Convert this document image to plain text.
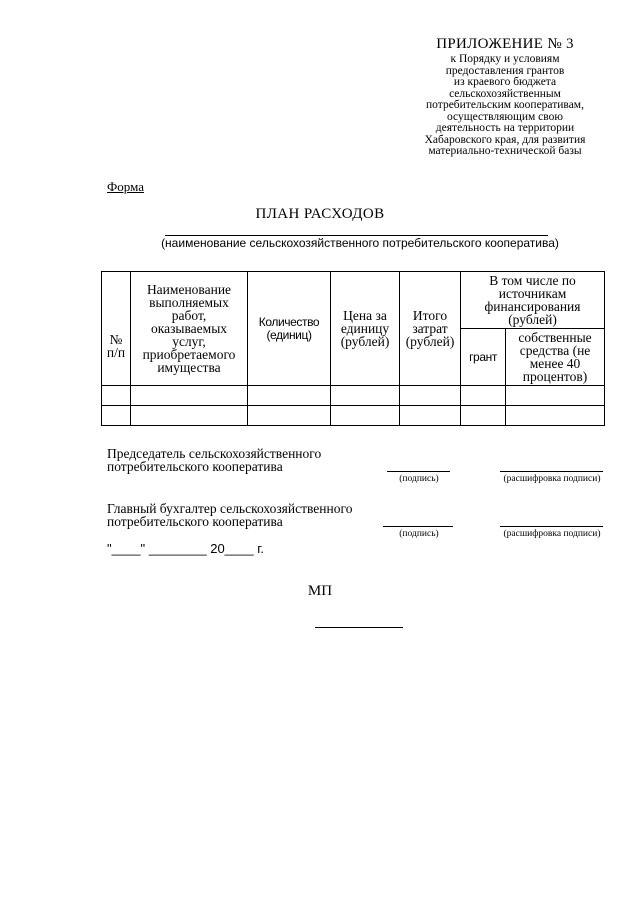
ПРИЛОЖЕНИЕ № 3
к Порядку и условиям
предоставления грантов
из краевого бюджета
сельскохозяйственным
потребительским кооперативам,
осуществляющим свою
деятельность на территории
Хабаровского края, для развития
материально-технической базы
Форма
ПЛАН РАСХОДОВ
(наименование сельскохозяйственного потребительского кооператива)
№ п/п	Наименование выполняемых работ, оказываемых услуг, приобретаемого имущества	Количество (единиц)	Цена за единицу (рублей)	Итого затрат (рублей)	В том числе по источникам финансирования (рублей)	
					грант	собственные средства (не менее 40 процентов)

Председатель сельскохозяйственного потребительского кооператива
(подпись)	(расшифровка подписи)
Главный бухгалтер сельскохозяйственного потребительского кооператива
(подпись)	(расшифровка подписи)
"____" ________ 20____ г.
МП
